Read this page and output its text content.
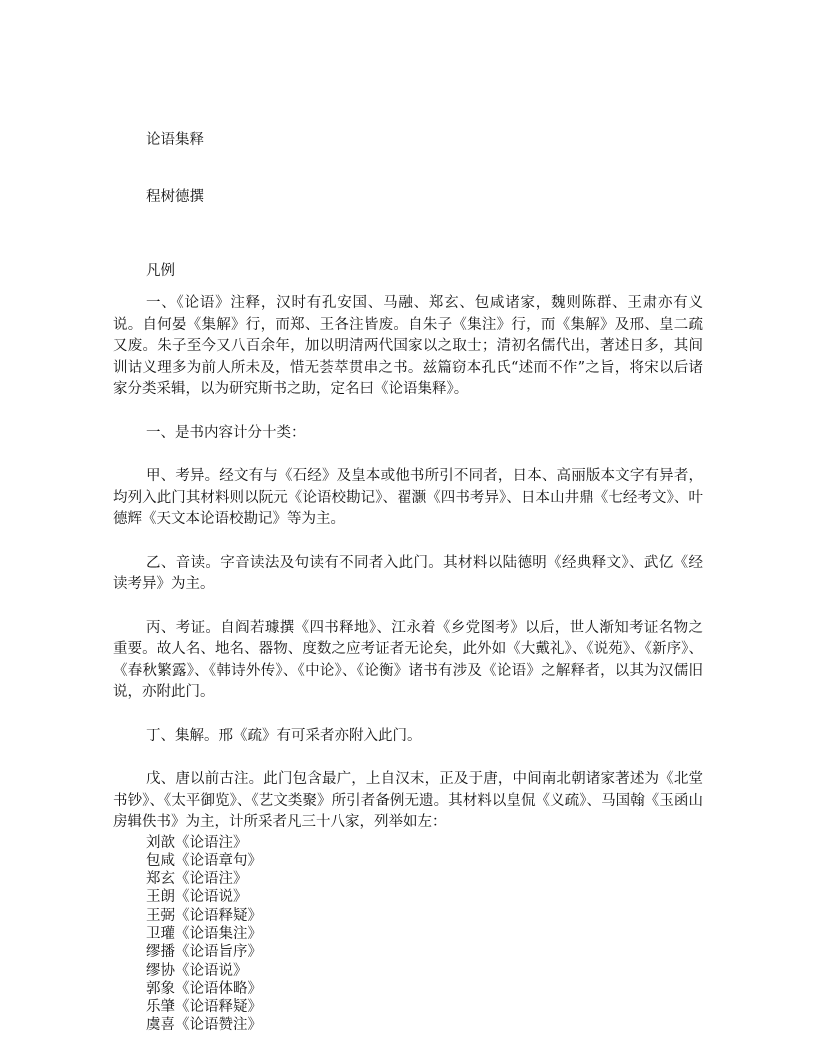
论语集释

程树德撰

凡例

一、《论语》注释，汉时有孔安国、马融、郑玄、包咸诸家，魏则陈群、王肃亦有义说。自何晏《集解》行，而郑、王各注皆废。自朱子《集注》行，而《集解》及邢、皇二疏又废。朱子至今又八百余年，加以明清两代国家以之取士；清初名儒代出，著述日多，其间训诂义理多为前人所未及，惜无荟萃贯串之书。兹篇窃本孔氏“述而不作”之旨，将宋以后诸家分类采辑，以为研究斯书之助，定名曰《论语集释》。

一、是书内容计分十类：

甲、考异。经文有与《石经》及皇本或他书所引不同者，日本、高丽版本文字有异者，均列入此门其材料则以阮元《论语校勘记》、翟灏《四书考异》、日本山井鼎《七经考文》、叶德辉《天文本论语校勘记》等为主。

乙、音读。字音读法及句读有不同者入此门。其材料以陆德明《经典释文》、武亿《经读考异》为主。

丙、考证。自阎若璩撰《四书释地》、江永着《乡党图考》以后，世人渐知考证名物之重要。故人名、地名、器物、度数之应考证者无论矣，此外如《大戴礼》、《说苑》、《新序》、《春秋繁露》、《韩诗外传》、《中论》、《论衡》诸书有涉及《论语》之解释者，以其为汉儒旧说，亦附此门。

丁、集解。邢《疏》有可采者亦附入此门。

戊、唐以前古注。此门包含最广，上自汉末，正及于唐，中间南北朝诸家著述为《北堂书钞》、《太平御览》、《艺文类聚》所引者备例无遗。其材料以皇侃《义疏》、马国翰《玉函山房辑佚书》为主，计所采者凡三十八家，列举如左：

刘歆《论语注》
包咸《论语章句》
郑玄《论语注》
王朗《论语说》
王弼《论语释疑》
卫瓘《论语集注》
缪播《论语旨序》
缪协《论语说》
郭象《论语体略》
乐肇《论语释疑》
虞喜《论语赞注》
